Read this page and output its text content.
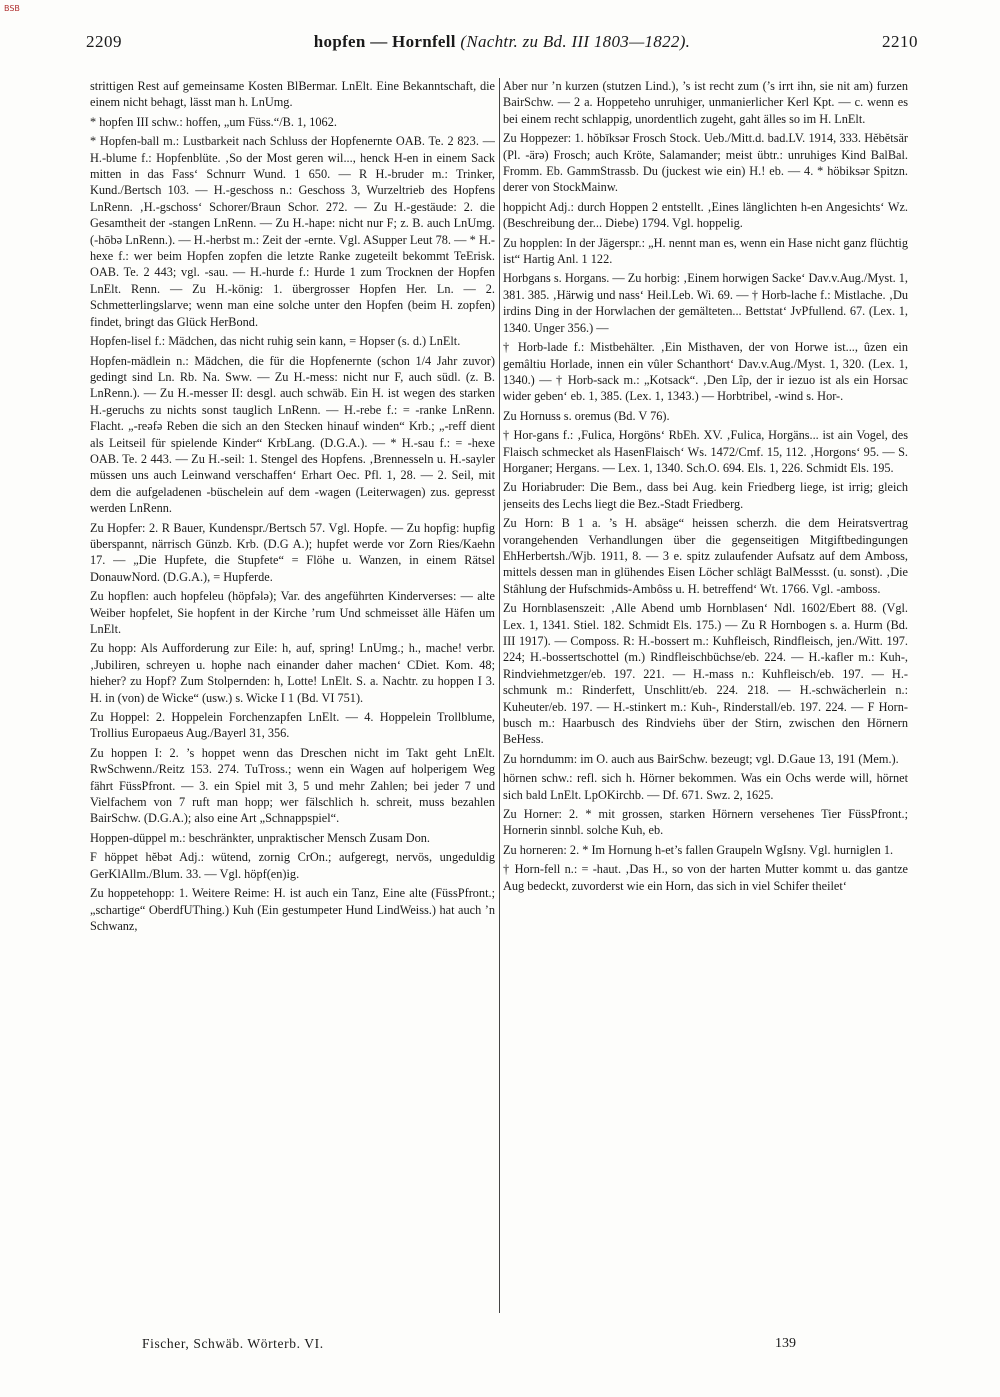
BSB
2209	hopfen — Hornfell (Nachtr. zu Bd. III 1803—1822).	2210

strittigen Rest auf gemeinsame Kosten BlBermar. LnElt. Eine Bekanntschaft, die einem nicht behagt, lässt man h. LnUmg.

* hopfen III schw.: hoffen, „um Füss.“/B. 1, 1062.

* Hopfen-ball m.: Lustbarkeit nach Schluss der Hopfenernte OAB. Te. 2 823. — H.-blume f.: Hopfenblüte. ‚So der Most geren wil..., henck H-en in einem Sack mitten in das Fass‘ Schnurr Wund. 1 650. — R H.-bruder m.: Trinker, Kund./Bertsch 103. — H.-geschoss n.: Geschoss 3, Wurzeltrieb des Hopfens LnRenn. ‚H.-gschoss‘ Schorer/Braun Schor. 272. — Zu H.-gestäude: 2. die Gesamtheit der -stangen LnRenn. — Zu H.-hape: nicht nur F; z. B. auch LnUmg. (-hōbə LnRenn.). — H.-herbst m.: Zeit der -ernte. Vgl. ASupper Leut 78. — * H.-hexe f.: wer beim Hopfen zopfen die letzte Ranke zugeteilt bekommt TeErisk. OAB. Te. 2 443; vgl. -sau. — H.-hurde f.: Hurde 1 zum Trocknen der Hopfen LnElt. Renn. — Zu H.-könig: 1. übergrosser Hopfen Her. Ln. — 2. Schmetterlingslarve; wenn man eine solche unter den Hopfen (beim H. zopfen) findet, bringt das Glück HerBond.

Hopfen-lisel f.: Mädchen, das nicht ruhig sein kann, = Hopser (s. d.) LnElt.

Hopfen-mädlein n.: Mädchen, die für die Hopfenernte (schon 1/4 Jahr zuvor) gedingt sind Ln. Rb. Na. Sww. — Zu H.-mess: nicht nur F, auch südl. (z. B. LnRenn.). — Zu H.-messer II: desgl. auch schwäb. Ein H. ist wegen des starken H.-geruchs zu nichts sonst tauglich LnRenn. — H.-rebe f.: = -ranke LnRenn. Flacht. „-reəfə Reben die sich an den Stecken hinauf winden“ Krb.; „-reff dient als Leitseil für spielende Kinder“ KrbLang. (D.G.A.). — * H.-sau f.: = -hexe OAB. Te. 2 443. — Zu H.-seil: 1. Stengel des Hopfens. ‚Brennesseln u. H.-sayler müssen uns auch Leinwand verschaffen‘ Erhart Oec. Pfl. 1, 28. — 2. Seil, mit dem die aufgeladenen -büschelein auf dem -wagen (Leiterwagen) zus. gepresst werden LnRenn.

Zu Hopfer: 2. R Bauer, Kundenspr./Bertsch 57. Vgl. Hopfe. — Zu hopfig: hupfig überspannt, närrisch Günzb. Krb. (D.G A.); hupfet werde vor Zorn Ries/Kaehn 17. — „Die Hupfete, die Stupfete“ = Flöhe u. Wanzen, in einem Rätsel DonauwNord. (D.G.A.), = Hupferde.

Zu hopflen: auch hopfeleu (höpfələ); Var. des angeführten Kinderverses: — alte Weiber hopfelet, Sie hopfent in der Kirche ’rum Und schmeisset älle Häfen um LnElt.

Zu hopp: Als Aufforderung zur Eile: h, auf, spring! LnUmg.; h., mache! verbr. ‚Jubiliren, schreyen u. hophe nach einander daher machen‘ CDiet. Kom. 48; hieher? zu Hopf? Zum Stolpernden: h, Lotte! LnElt. S. a. Nachtr. zu hoppen I 3. H. in (von) de Wicke“ (usw.) s. Wicke I 1 (Bd. VI 751).

Zu Hoppel: 2. Hoppelein Forchenzapfen LnElt. — 4. Hoppelein Trollblume, Trollius Europaeus Aug./Bayerl 31, 356.

Zu hoppen I: 2. ’s hoppet wenn das Dreschen nicht im Takt geht LnElt. RwSchwenn./Reitz 153. 274. TuTross.; wenn ein Wagen auf holperigem Weg fährt FüssPfront. — 3. ein Spiel mit 3, 5 und mehr Zahlen; bei jeder 7 und Vielfachem von 7 ruft man hopp; wer fälschlich h. schreit, muss bezahlen BairSchw. (D.G.A.); also eine Art „Schnappspiel“.

Hoppen-düppel m.: beschränkter, unpraktischer Mensch Zusam Don.

F höppet hĕbət Adj.: wütend, zornig CrOn.; aufgeregt, nervös, ungeduldig GerKlAllm./Blum. 33. — Vgl. höpf(en)ig.

Zu hoppetehopp: 1. Weitere Reime: H. ist auch ein Tanz, Eine alte (FüssPfront.; „schartige“ OberdfUThing.) Kuh (Ein gestumpeter Hund LindWeiss.) hat auch ’n Schwanz,

Aber nur ’n kurzen (stutzen Lind.), ’s ist recht zum (’s irrt ihn, sie nit am) furzen BairSchw. — 2 a. Hoppeteho unruhiger, unmanierlicher Kerl Kpt. — c. wenn es bei einem recht schlappig, unordentlich zugeht, gaht älles so im H. LnElt.

Zu Hoppezer: 1. hŏbīksər Frosch Stock. Ueb./Mitt.d. bad.LV. 1914, 333. Hĕbĕtsär (Pl. -ärə) Frosch; auch Kröte, Salamander; meist übtr.: unruhiges Kind BalBal. Fromm. Eb. GammStrassb. Du (juckest wie ein) H.! eb. — 4. * höbiksər Spitzn. derer von StockMainw.

hoppicht Adj.: durch Hoppen 2 entstellt. ‚Eines länglichten h-en Angesichts‘ Wz. (Beschreibung der... Diebe) 1794. Vgl. hoppelig.

Zu hopplen: In der Jägerspr.: „H. nennt man es, wenn ein Hase nicht ganz flüchtig ist“ Hartig Anl. 1 122.

Horbgans s. Horgans. — Zu horbig: ‚Einem horwigen Sacke‘ Dav.v.Aug./Myst. 1, 381. 385. ‚Härwig und nass‘ Heil.Leb. Wi. 69. — † Horb-lache f.: Mistlache. ‚Du irdins Ding in der Horwlachen der gemälteten... Bettstat‘ JvPfullend. 67. (Lex. 1, 1340. Unger 356.) —

† Horb-lade f.: Mistbehälter. ‚Ein Misthaven, der von Horwe ist..., ûzen ein gemâltiu Horlade, innen ein vûler Schanthort‘ Dav.v.Aug./Myst. 1, 320. (Lex. 1, 1340.) — † Horb-sack m.: „Kotsack“. ‚Den Lîp, der ir iezuo ist als ein Horsac wider geben‘ eb. 1, 385. (Lex. 1, 1343.) — Horbtribel, -wind s. Hor-.

Zu Hornuss s. oremus (Bd. V 76).

† Hor-gans f.: ‚Fulica, Horgöns‘ RbEh. XV. ‚Fulica, Horgäns... ist ain Vogel, des Flaisch schmecket als HasenFlaisch‘ Ws. 1472/Cmf. 15, 112. ‚Horgons‘ 95. — S. Horganer; Hergans. — Lex. 1, 1340. Sch.O. 694. Els. 1, 226. Schmidt Els. 195.

Zu Horiabruder: Die Bem., dass bei Aug. kein Friedberg liege, ist irrig; gleich jenseits des Lechs liegt die Bez.-Stadt Friedberg.

Zu Horn: B 1 a. ’s H. absäge“ heissen scherzh. die dem Heiratsvertrag vorangehenden Verhandlungen über die gegenseitigen Mitgiftbedingungen EhHerbertsh./Wjb. 1911, 8. — 3 e. spitz zulaufender Aufsatz auf dem Amboss, mittels dessen man in glühendes Eisen Löcher schlägt BalMessst. (u. sonst). ‚Die Stâhlung der Hufschmids-Ambôss u. H. betreffend‘ Wt. 1766. Vgl. -amboss.

Zu Hornblasenszeit: ‚Alle Abend umb Hornblasen‘ Ndl. 1602/Ebert 88. (Vgl. Lex. 1, 1341. Stiel. 182. Schmidt Els. 175.) — Zu R Hornbogen s. a. Hurm (Bd. III 1917). — Composs. R: H.-bossert m.: Kuhfleisch, Rindfleisch, jen./Witt. 197. 224; H.-bossertschottel (m.) Rindfleischbüchse/eb. 224. — H.-kafler m.: Kuh-, Rindviehmetzger/eb. 197. 221. — H.-mass n.: Kuhfleisch/eb. 197. — H.-schmunk m.: Rinderfett, Unschlitt/eb. 224. 218. — H.-schwächerlein n.: Kuheuter/eb. 197. — H.-stinkert m.: Kuh-, Rinderstall/eb. 197. 224. — F Horn-busch m.: Haarbusch des Rindviehs über der Stirn, zwischen den Hörnern BeHess.

Zu horndumm: im O. auch aus BairSchw. bezeugt; vgl. D.Gaue 13, 191 (Mem.).

hörnen schw.: refl. sich h. Hörner bekommen. Was ein Ochs werde will, hörnet sich bald LnElt. LpOKirchb. — Df. 671. Swz. 2, 1625.

Zu Horner: 2. * mit grossen, starken Hörnern versehenes Tier FüssPfront.; Hornerin sinnbl. solche Kuh, eb.

Zu horneren: 2. * Im Hornung h-et’s fallen Graupeln WgIsny. Vgl. hurniglen 1.

† Horn-fell n.: = -haut. ‚Das H., so von der harten Mutter kommt u. das gantze Aug bedeckt, zuvorderst wie ein Horn, das sich in viel Schifer theilet‘

Fischer, Schwäb. Wörterb. VI.	139
